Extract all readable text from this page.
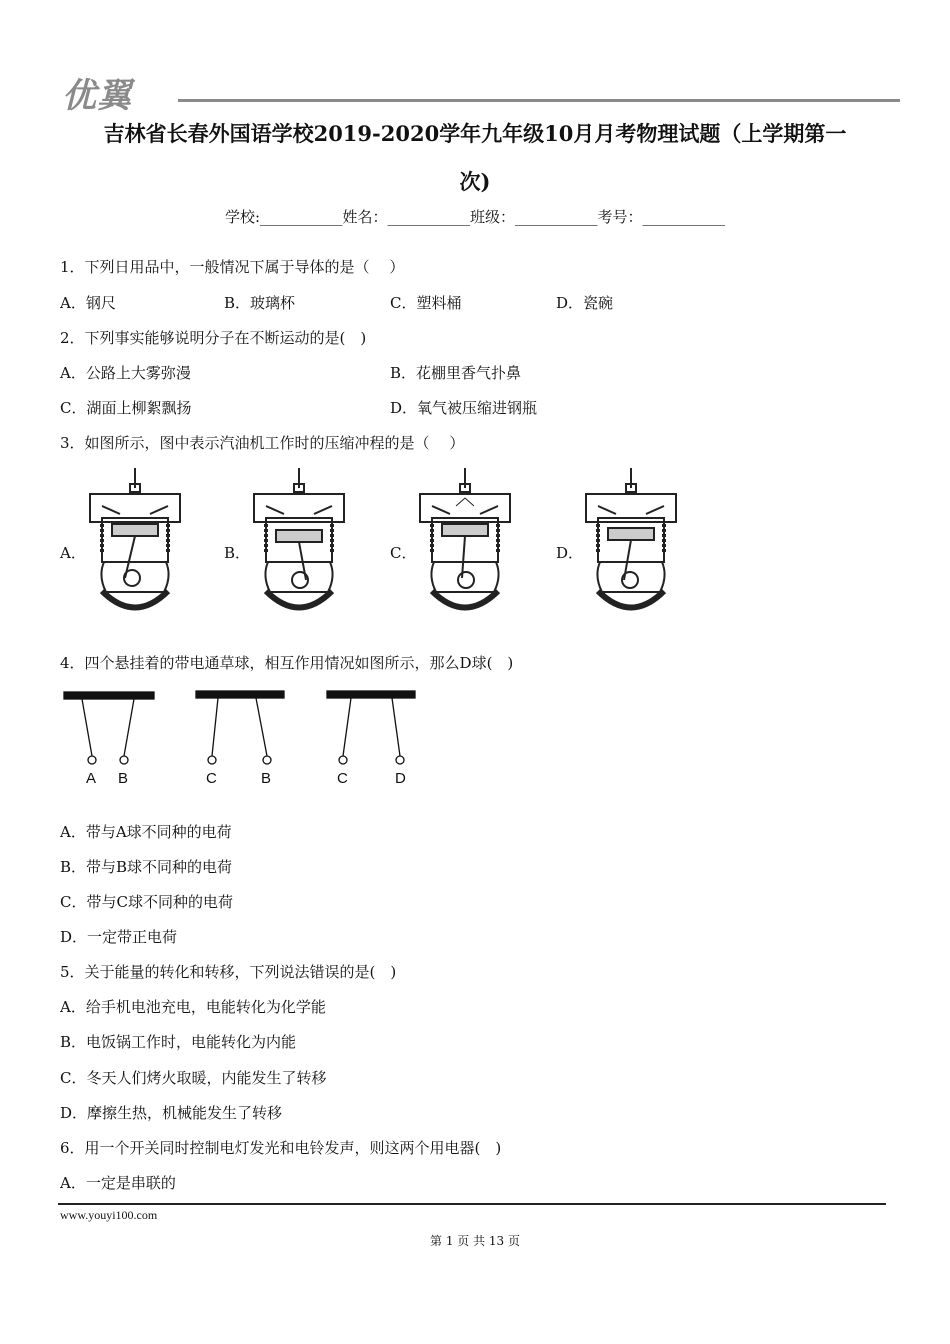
优翼
吉林省长春外国语学校2019-2020学年九年级10月月考物理试题（上学期第一
次)
学校:___________姓名：___________班级：___________考号：___________
1．下列日用品中，一般情况下属于导体的是（　 ）
A．钢尺	B．玻璃杯	C．塑料桶	D．瓷碗
2．下列事实能够说明分子在不断运动的是(　)
A．公路上大雾弥漫	B．花棚里香气扑鼻
C．湖面上柳絮飘扬	D．氧气被压缩进钢瓶
3．如图所示，图中表示汽油机工作时的压缩冲程的是（　 ）
A．	B．	C．	D．
4．四个悬挂着的带电通草球，相互作用情况如图所示，那么D球(　)
A B	C	B	C	D
A．带与A球不同种的电荷
B．带与B球不同种的电荷
C．带与C球不同种的电荷
D．一定带正电荷
5．关于能量的转化和转移，下列说法错误的是(　)
A．给手机电池充电，电能转化为化学能
B．电饭锅工作时，电能转化为内能
C．冬天人们烤火取暖，内能发生了转移
D．摩擦生热，机械能发生了转移
6．用一个开关同时控制电灯发光和电铃发声，则这两个用电器(　)
A．一定是串联的
www.youyi100.com
第 1 页 共 13 页
